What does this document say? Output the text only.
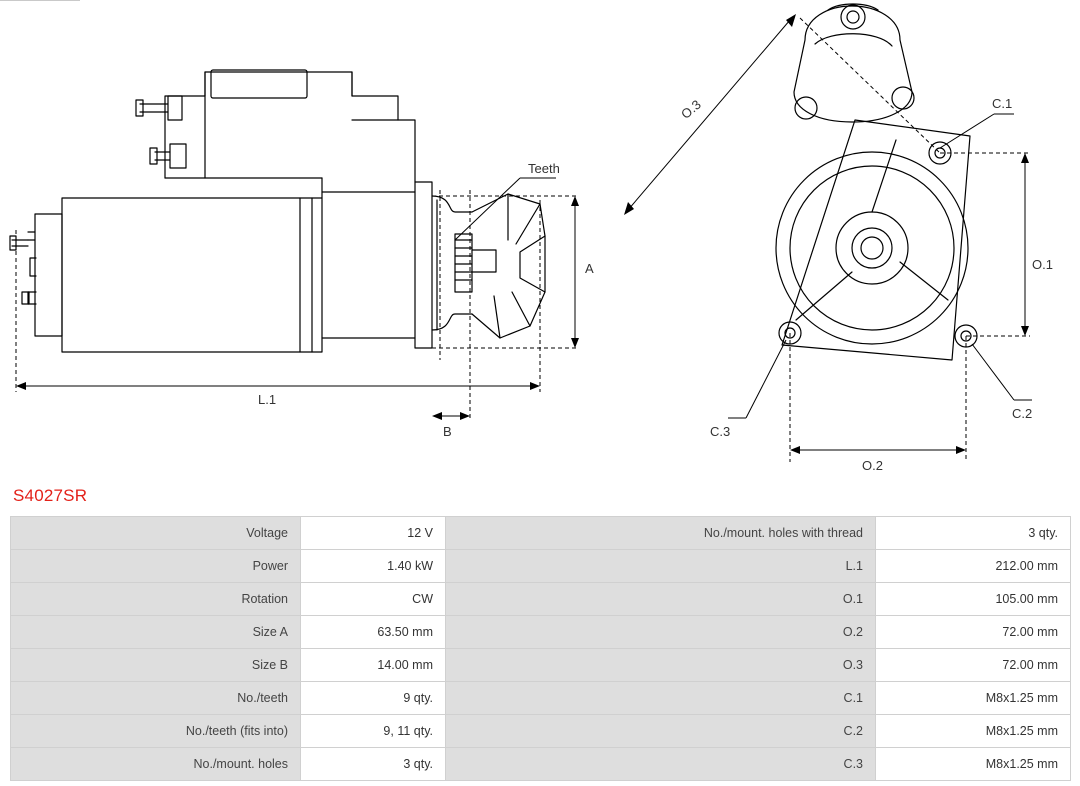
A
L.1
B
Teeth
O.1
O.2
O.3	C.1
C.2
C.3
S4027SR
Voltage	12 V	No./mount. holes with thread	3 qty.
Power	1.40 kW	L.1	212.00 mm
Rotation	CW	O.1	105.00 mm
Size A	63.50 mm	O.2	72.00 mm
Size B	14.00 mm	O.3	72.00 mm
No./teeth	9 qty.	C.1	M8x1.25 mm
No./teeth (fits into)	9, 11 qty.	C.2	M8x1.25 mm
No./mount. holes	3 qty.	C.3	M8x1.25 mm
